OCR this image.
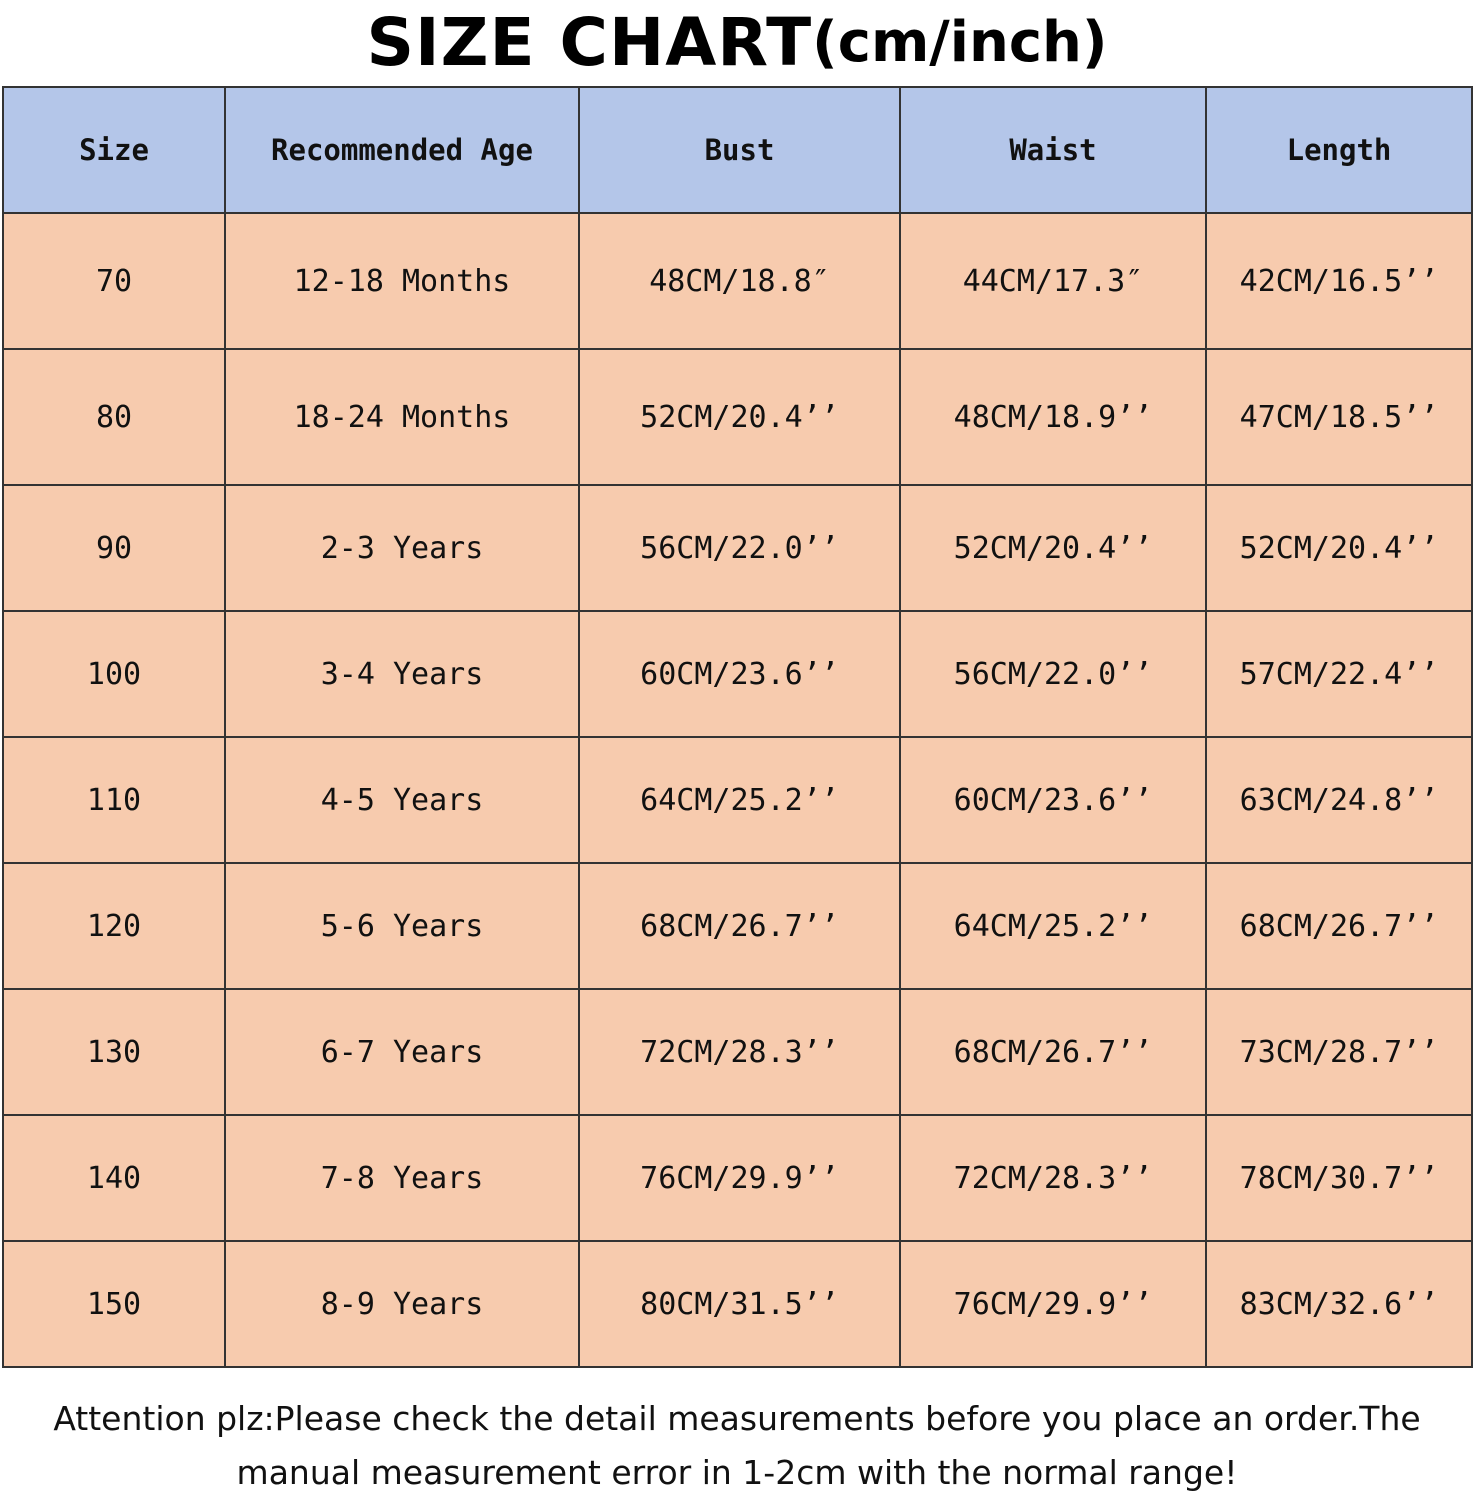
SIZE CHART (cm/inch)
Size	Recommended Age	Bust	Waist	Length
70	12-18 Months	48CM/18.8″	44CM/17.3″	42CM/16.5’’
80	18-24 Months	52CM/20.4’’	48CM/18.9’’	47CM/18.5’’
90	2-3 Years	56CM/22.0’’	52CM/20.4’’	52CM/20.4’’
100	3-4 Years	60CM/23.6’’	56CM/22.0’’	57CM/22.4’’
110	4-5 Years	64CM/25.2’’	60CM/23.6’’	63CM/24.8’’
120	5-6 Years	68CM/26.7’’	64CM/25.2’’	68CM/26.7’’
130	6-7 Years	72CM/28.3’’	68CM/26.7’’	73CM/28.7’’
140	7-8 Years	76CM/29.9’’	72CM/28.3’’	78CM/30.7’’
150	8-9 Years	80CM/31.5’’	76CM/29.9’’	83CM/32.6’’
Attention plz:Please check the detail measurements before you place an order.The
manual measurement error in 1-2cm with the normal range!
